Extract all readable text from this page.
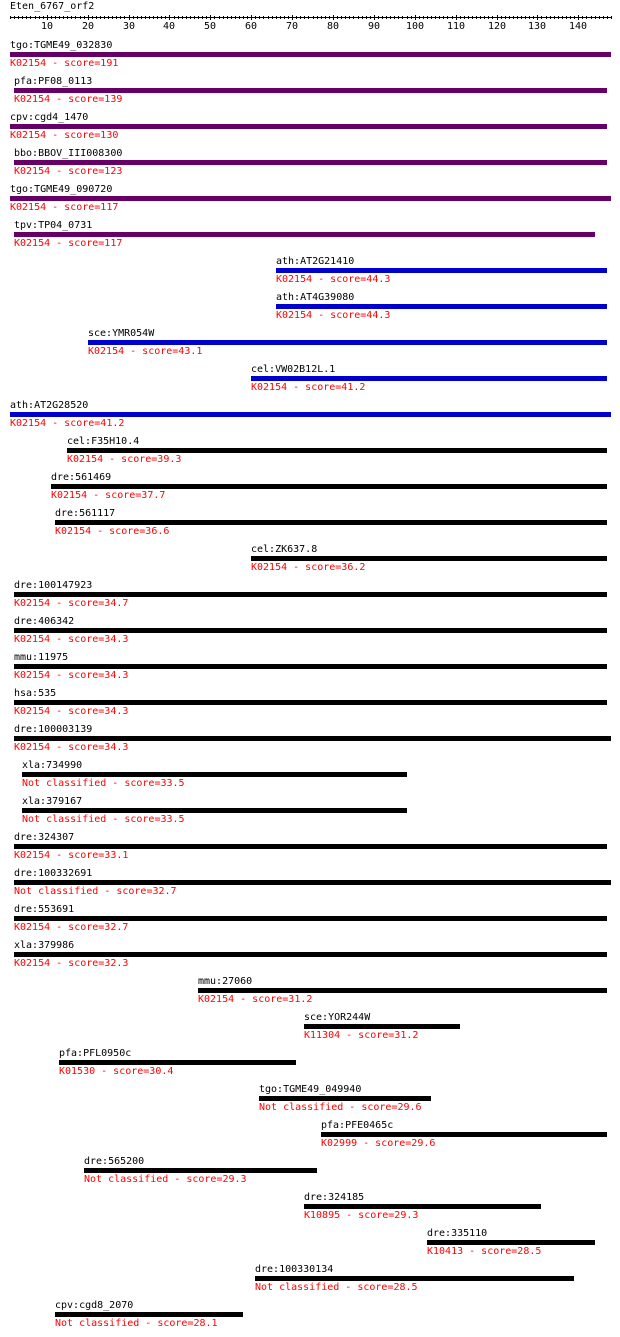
Eten_6767_orf2
10	20	30	40	50	60	70	80	90	100 110 120 130 140
tgo:TGME49_032830
K02154 - score=191
pfa:PF08_0113
K02154 - score=139
cpv:cgd4_1470
K02154 - score=130
bbo:BBOV_III008300
K02154 - score=123
tgo:TGME49_090720
K02154 - score=117
tpv:TP04_0731
K02154 - score=117
ath:AT2G21410
K02154 - score=44.3
ath:AT4G39080
K02154 - score=44.3
sce:YMR054W
K02154 - score=43.1
cel:VW02B12L.1
K02154 - score=41.2
ath:AT2G28520
K02154 - score=41.2
cel:F35H10.4
K02154 - score=39.3
dre:561469
K02154 - score=37.7
dre:561117
K02154 - score=36.6
cel:ZK637.8
K02154 - score=36.2
dre:100147923
K02154 - score=34.7
dre:406342
K02154 - score=34.3
mmu:11975
K02154 - score=34.3
hsa:535
K02154 - score=34.3
dre:100003139
K02154 - score=34.3
xla:734990
Not classified - score=33.5
xla:379167
Not classified - score=33.5
dre:324307
K02154 - score=33.1
dre:100332691
Not classified - score=32.7
dre:553691
K02154 - score=32.7
xla:379986
K02154 - score=32.3
mmu:27060
K02154 - score=31.2
sce:YOR244W
K11304 - score=31.2
pfa:PFL0950c
K01530 - score=30.4
tgo:TGME49_049940
Not classified - score=29.6
pfa:PFE0465c
K02999 - score=29.6
dre:565200
Not classified - score=29.3
dre:324185
K10895 - score=29.3
dre:335110
K10413 - score=28.5
dre:100330134
Not classified - score=28.5
cpv:cgd8_2070
Not classified - score=28.1
